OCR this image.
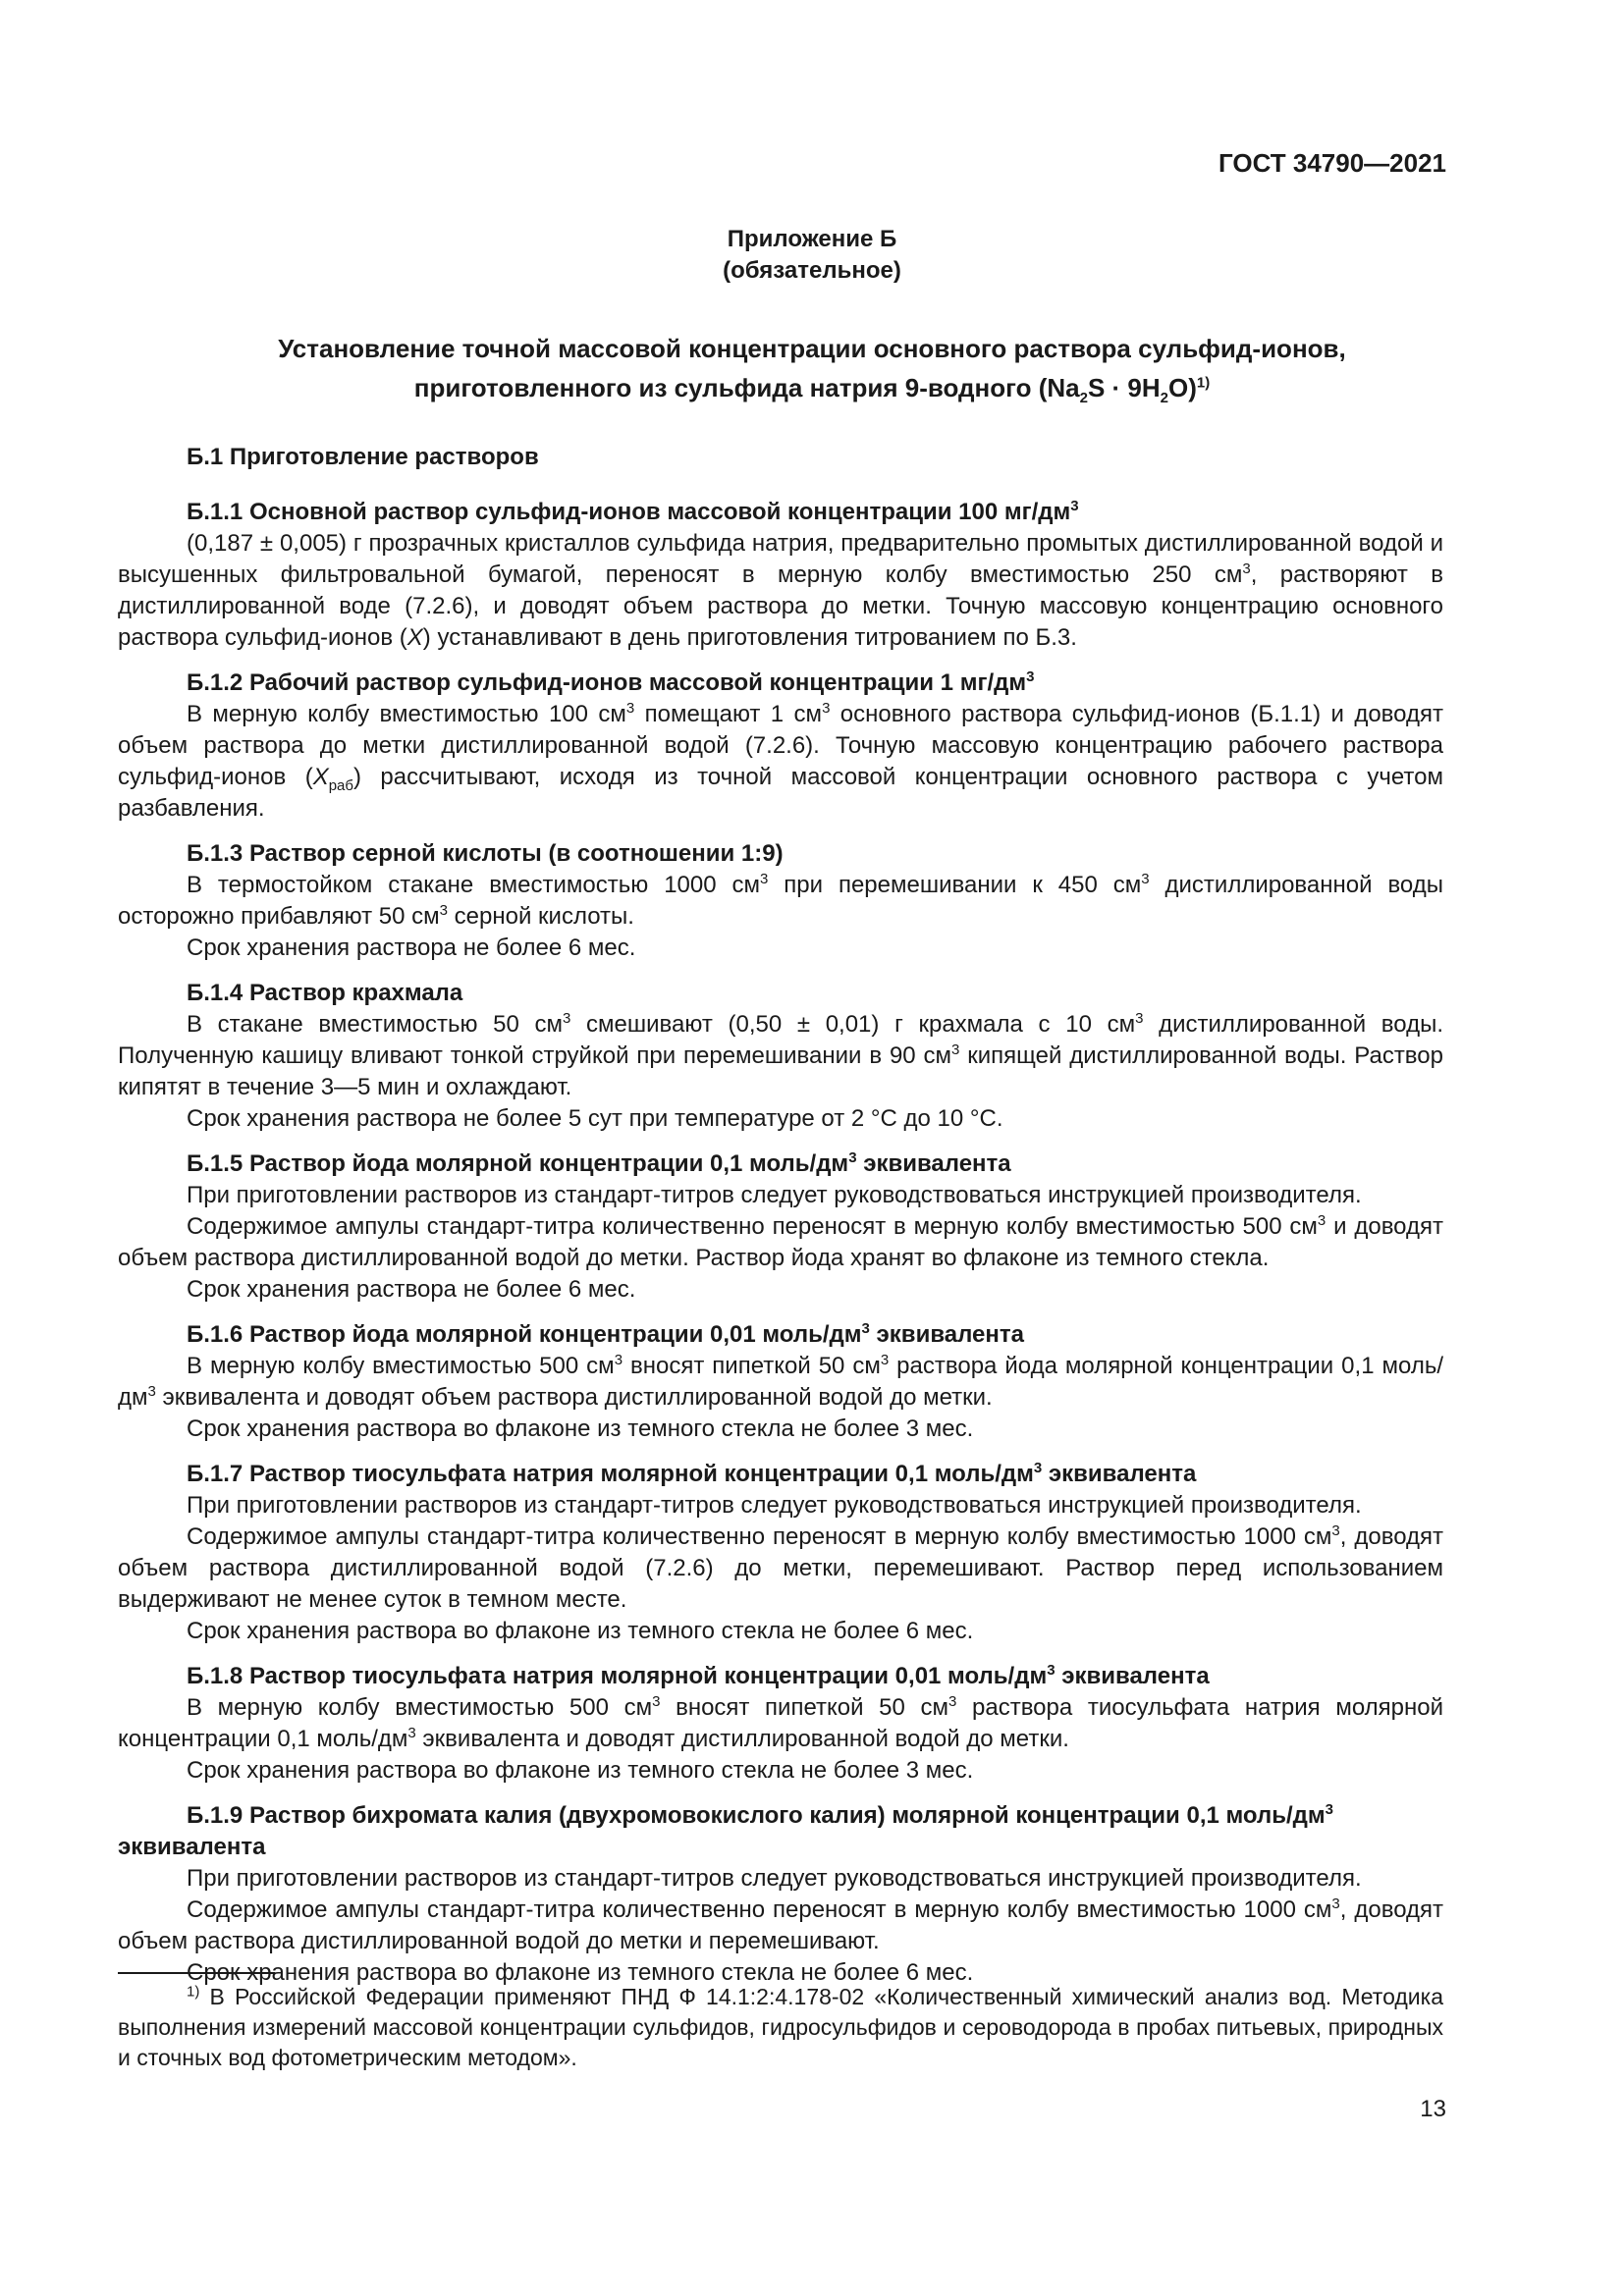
ГОСТ 34790—2021
Приложение Б
(обязательное)
Установление точной массовой концентрации основного раствора сульфид-ионов,
приготовленного из сульфида натрия 9-водного $(Na_2S \cdot 9H_2O)^{1)}$
Б.1 Приготовление растворов
Б.1.1 Основной раствор сульфид-ионов массовой концентрации 100 $мг/дм^3$

(0,187 ± 0,005) г прозрачных кристаллов сульфида натрия, предварительно промытых дистиллированной водой и высушенных фильтровальной бумагой, переносят в мерную колбу вместимостью 250 $см^3$, растворяют в дистиллированной воде (7.2.6), и доводят объем раствора до метки. Точную массовую концентрацию основного раствора сульфид-ионов (X) устанавливают в день приготовления титрованием по Б.3.

Б.1.2 Рабочий раствор сульфид-ионов массовой концентрации 1 $мг/дм^3$

В мерную колбу вместимостью 100 $см^3$ помещают 1 $см^3$ основного раствора сульфид-ионов (Б.1.1) и доводят объем раствора до метки дистиллированной водой (7.2.6). Точную массовую концентрацию рабочего раствора сульфид-ионов $(X_{раб})$ рассчитывают, исходя из точной массовой концентрации основного раствора с учетом разбавления.

Б.1.3 Раствор серной кислоты (в соотношении 1:9)

В термостойком стакане вместимостью 1000 $см^3$ при перемешивании к 450 $см^3$ дистиллированной воды осторожно прибавляют 50 $см^3$ серной кислоты.

Срок хранения раствора не более 6 мес.

Б.1.4 Раствор крахмала

В стакане вместимостью 50 $см^3$ смешивают (0,50 ± 0,01) г крахмала с 10 $см^3$ дистиллированной воды. Полученную кашицу вливают тонкой струйкой при перемешивании в 90 $см^3$ кипящей дистиллированной воды. Раствор кипятят в течение 3—5 мин и охлаждают.

Срок хранения раствора не более 5 сут при температуре от 2 °С до 10 °С.

Б.1.5 Раствор йода молярной концентрации 0,1 моль/$дм^3$ эквивалента

При приготовлении растворов из стандарт-титров следует руководствоваться инструкцией производителя.

Содержимое ампулы стандарт-титра количественно переносят в мерную колбу вместимостью 500 $см^3$ и доводят объем раствора дистиллированной водой до метки. Раствор йода хранят во флаконе из темного стекла.

Срок хранения раствора не более 6 мес.

Б.1.6 Раствор йода молярной концентрации 0,01 моль/$дм^3$ эквивалента

В мерную колбу вместимостью 500 $см^3$ вносят пипеткой 50 $см^3$ раствора йода молярной концентрации 0,1 моль/$дм^3$ эквивалента и доводят объем раствора дистиллированной водой до метки.

Срок хранения раствора во флаконе из темного стекла не более 3 мес.

Б.1.7 Раствор тиосульфата натрия молярной концентрации 0,1 моль/$дм^3$ эквивалента

При приготовлении растворов из стандарт-титров следует руководствоваться инструкцией производителя.

Содержимое ампулы стандарт-титра количественно переносят в мерную колбу вместимостью 1000 $см^3$, доводят объем раствора дистиллированной водой (7.2.6) до метки, перемешивают. Раствор перед использованием выдерживают не менее суток в темном месте.

Срок хранения раствора во флаконе из темного стекла не более 6 мес.

Б.1.8 Раствор тиосульфата натрия молярной концентрации 0,01 моль/$дм^3$ эквивалента

В мерную колбу вместимостью 500 $см^3$ вносят пипеткой 50 $см^3$ раствора тиосульфата натрия молярной концентрации 0,1 моль/$дм^3$ эквивалента и доводят дистиллированной водой до метки.

Срок хранения раствора во флаконе из темного стекла не более 3 мес.

Б.1.9 Раствор бихромата калия (двухромовокислого калия) молярной концентрации 0,1 моль/$дм^3$ эквивалента

При приготовлении растворов из стандарт-титров следует руководствоваться инструкцией производителя.

Содержимое ампулы стандарт-титра количественно переносят в мерную колбу вместимостью 1000 $см^3$, доводят объем раствора дистиллированной водой до метки и перемешивают.

Срок хранения раствора во флаконе из темного стекла не более 6 мес.

$^{1)}$ В Российской Федерации применяют ПНД Ф 14.1:2:4.178-02 «Количественный химический анализ вод. Методика выполнения измерений массовой концентрации сульфидов, гидросульфидов и сероводорода в пробах питьевых, природных и сточных вод фотометрическим методом».

13
